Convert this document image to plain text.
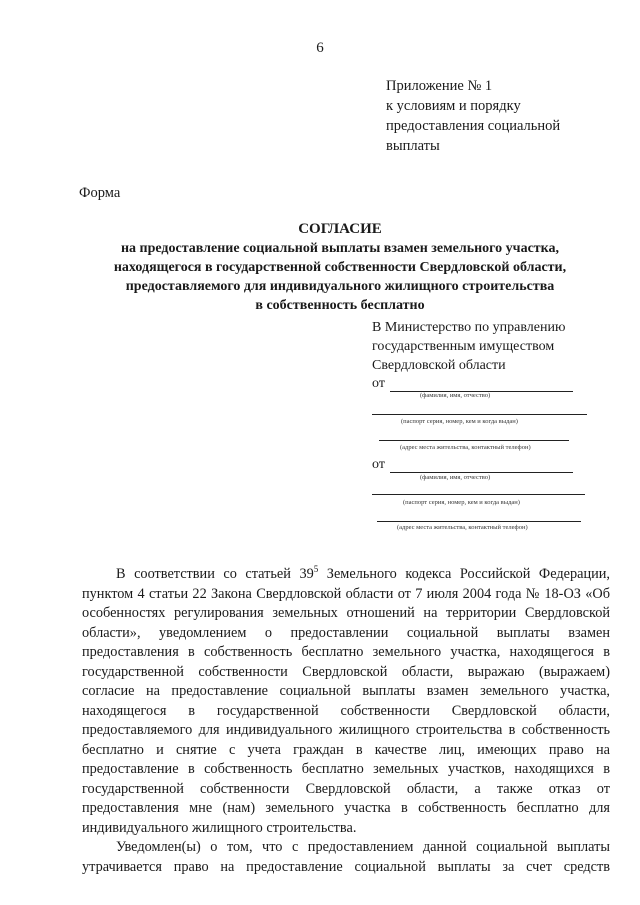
6
Приложение № 1
к условиям и порядку
предоставления социальной
выплаты
Форма
СОГЛАСИЕ
на предоставление социальной выплаты взамен земельного участка,
находящегося в государственной собственности Свердловской области,
предоставляемого для индивидуального жилищного строительства
в собственность бесплатно
В Министерство по управлению
государственным имуществом
Свердловской области
от
(фамилия, имя, отчество)
(паспорт серия, номер, кем и когда выдан)
(адрес места жительства, контактный телефон)
от
(фамилия, имя, отчество)
(паспорт серия, номер, кем и когда выдан)
(адрес места жительства, контактный телефон)

В соответствии со статьей $39^5$ Земельного кодекса Российской Федерации, пунктом 4 статьи 22 Закона Свердловской области от 7 июля 2004 года № 18-ОЗ «Об особенностях регулирования земельных отношений на территории Свердловской области», уведомлением о предоставлении социальной выплаты взамен предоставления в собственность бесплатно земельного участка, находящегося в государственной собственности Свердловской области, выражаю (выражаем) согласие на предоставление социальной выплаты взамен земельного участка, находящегося в государственной собственности Свердловской области, предоставляемого для индивидуального жилищного строительства в собственность бесплатно и снятие с учета граждан в качестве лиц, имеющих право на предоставление в собственность бесплатно земельных участков, находящихся в государственной собственности Свердловской области, а также отказ от предоставления мне (нам) земельного участка в собственность бесплатно для индивидуального жилищного строительства.

Уведомлен(ы) о том, что с предоставлением данной социальной выплаты утрачивается право на предоставление социальной выплаты за счет средств
